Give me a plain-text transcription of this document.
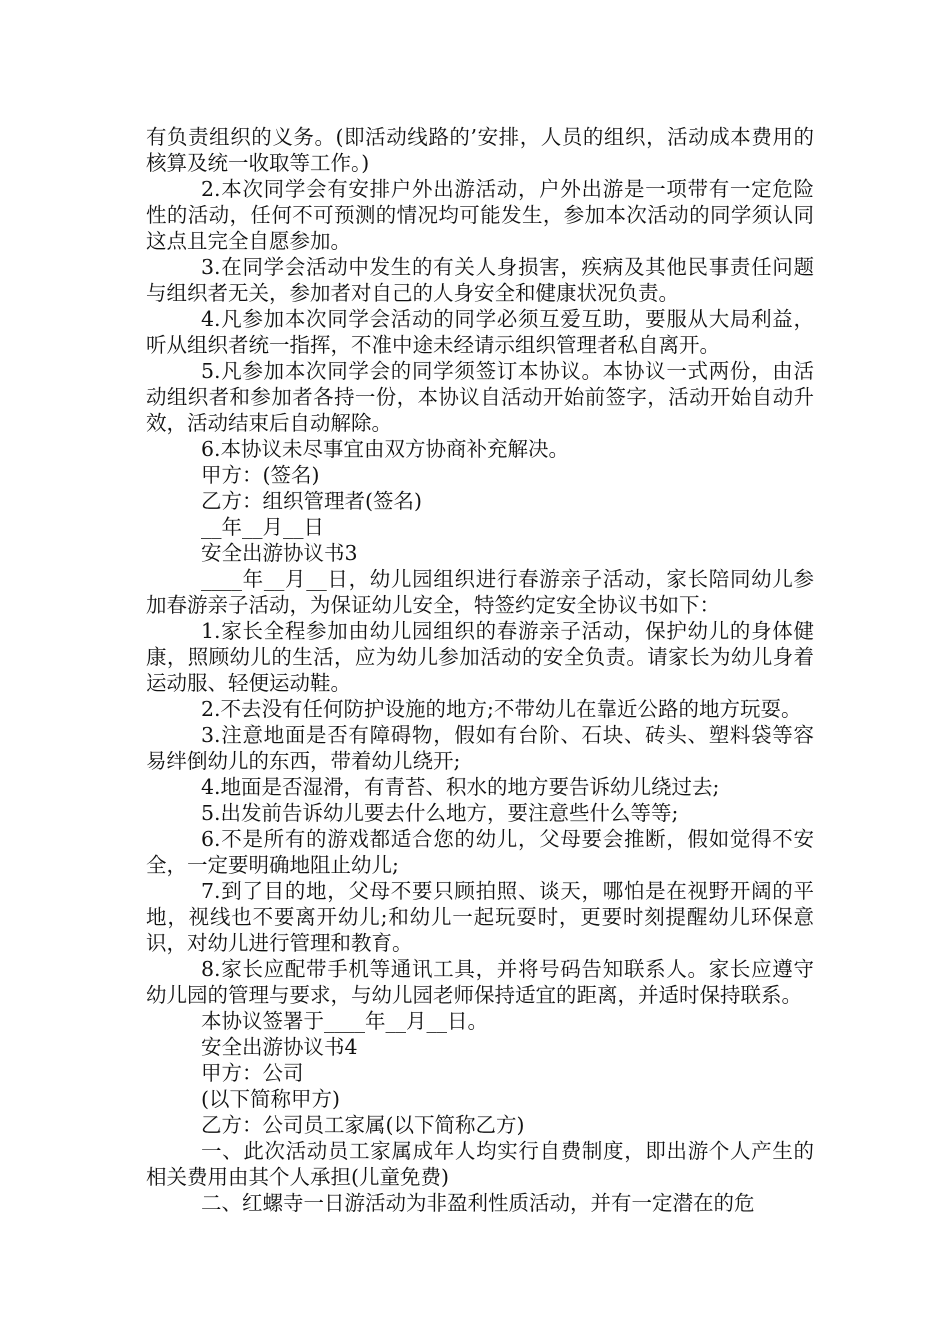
有负责组织的义务。(即活动线路的’安排，人员的组织，活动成本费用的核算及统一收取等工作。)

2.本次同学会有安排户外出游活动，户外出游是一项带有一定危险性的活动，任何不可预测的情况均可能发生，参加本次活动的同学须认同这点且完全自愿参加。

3.在同学会活动中发生的有关人身损害，疾病及其他民事责任问题与组织者无关，参加者对自己的人身安全和健康状况负责。

4.凡参加本次同学会活动的同学必须互爱互助，要服从大局利益，听从组织者统一指挥，不准中途未经请示组织管理者私自离开。

5.凡参加本次同学会的同学须签订本协议。本协议一式两份，由活动组织者和参加者各持一份，本协议自活动开始前签字，活动开始自动升效，活动结束后自动解除。

6.本协议未尽事宜由双方协商补充解决。

甲方：(签名)

乙方：组织管理者(签名)

__年__月__日

安全出游协议书3

____年__月__日，幼儿园组织进行春游亲子活动，家长陪同幼儿参加春游亲子活动，为保证幼儿安全，特签约定安全协议书如下：

1.家长全程参加由幼儿园组织的春游亲子活动，保护幼儿的身体健康，照顾幼儿的生活，应为幼儿参加活动的安全负责。请家长为幼儿身着运动服、轻便运动鞋。

2.不去没有任何防护设施的地方;不带幼儿在靠近公路的地方玩耍。

3.注意地面是否有障碍物，假如有台阶、石块、砖头、塑料袋等容易绊倒幼儿的东西，带着幼儿绕开;

4.地面是否湿滑，有青苔、积水的地方要告诉幼儿绕过去;

5.出发前告诉幼儿要去什么地方，要注意些什么等等;

6.不是所有的游戏都适合您的幼儿，父母要会推断，假如觉得不安全，一定要明确地阻止幼儿;

7.到了目的地，父母不要只顾拍照、谈天，哪怕是在视野开阔的平地，视线也不要离开幼儿;和幼儿一起玩耍时，更要时刻提醒幼儿环保意识，对幼儿进行管理和教育。

8.家长应配带手机等通讯工具，并将号码告知联系人。家长应遵守幼儿园的管理与要求，与幼儿园老师保持适宜的距离，并适时保持联系。

本协议签署于____年__月__日。

安全出游协议书4

甲方：公司

(以下简称甲方)

乙方：公司员工家属(以下简称乙方)

一、此次活动员工家属成年人均实行自费制度，即出游个人产生的相关费用由其个人承担(儿童免费)

二、红螺寺一日游活动为非盈利性质活动，并有一定潜在的危
